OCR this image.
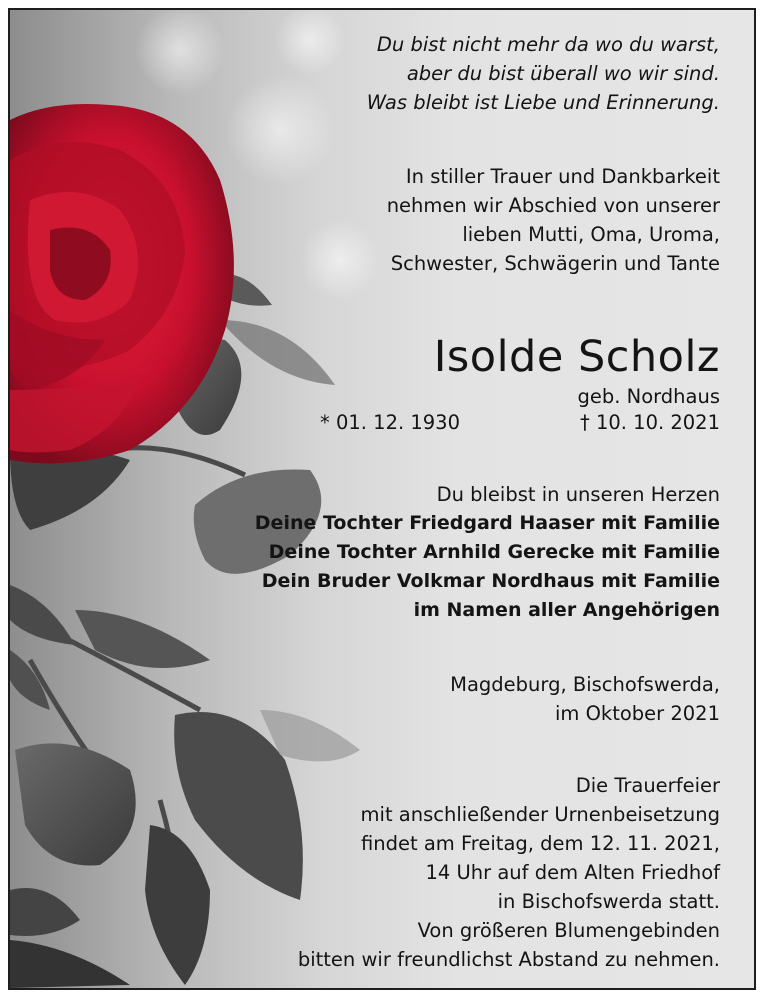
Du bist nicht mehr da wo du warst,
aber du bist überall wo wir sind.
Was bleibt ist Liebe und Erinnerung.
In stiller Trauer und Dankbarkeit
nehmen wir Abschied von unserer
lieben Mutti, Oma, Uroma,
Schwester, Schwägerin und Tante
Isolde Scholz
geb. Nordhaus
* 01. 12. 1930	† 10. 10. 2021
Du bleibst in unseren Herzen
Deine Tochter Friedgard Haaser mit Familie
Deine Tochter Arnhild Gerecke mit Familie
Dein Bruder Volkmar Nordhaus mit Familie
im Namen aller Angehörigen
Magdeburg, Bischofswerda,
im Oktober 2021
Die Trauerfeier
mit anschließender Urnenbeisetzung
findet am Freitag, dem 12. 11. 2021,
14 Uhr auf dem Alten Friedhof
in Bischofswerda statt.
Von größeren Blumengebinden
bitten wir freundlichst Abstand zu nehmen.
